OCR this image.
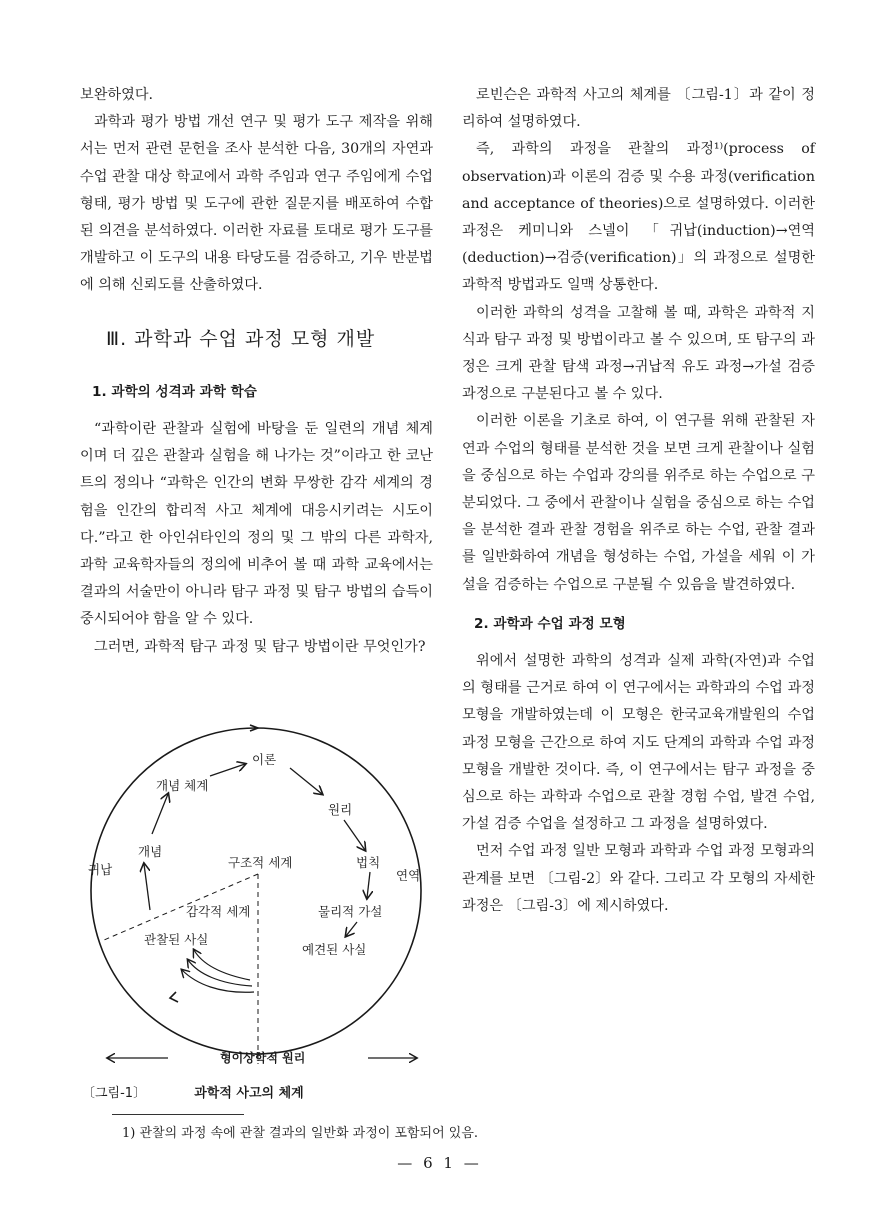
보완하였다.

과학과 평가 방법 개선 연구 및 평가 도구 제작을 위해서는 먼저 관련 문헌을 조사 분석한 다음, 30개의 자연과 수업 관찰 대상 학교에서 과학 주임과 연구 주임에게 수업 형태, 평가 방법 및 도구에 관한 질문지를 배포하여 수합된 의견을 분석하였다. 이러한 자료를 토대로 평가 도구를 개발하고 이 도구의 내용 타당도를 검증하고, 기우 반분법에 의해 신뢰도를 산출하였다.

Ⅲ. 과학과 수업 과정 모형 개발

1. 과학의 성격과 과학 학습

“과학이란 관찰과 실험에 바탕을 둔 일련의 개념 체계이며 더 깊은 관찰과 실험을 해 나가는 것”이라고 한 코난트의 정의나 “과학은 인간의 변화 무쌍한 감각 세계의 경험을 인간의 합리적 사고 체계에 대응시키려는 시도이다.”라고 한 아인쉬타인의 정의 및 그 밖의 다른 과학자, 과학 교육학자들의 정의에 비추어 볼 때 과학 교육에서는 결과의 서술만이 아니라 탐구 과정 및 탐구 방법의 습득이 중시되어야 함을 알 수 있다.

그러면, 과학적 탐구 과정 및 탐구 방법이란 무엇인가?

로빈슨은 과학적 사고의 체계를 〔그림-1〕과 같이 정리하여 설명하였다.

즉, 과학의 과정을 관찰의 과정¹⁾(process of observation)과 이론의 검증 및 수용 과정(verification and acceptance of theories)으로 설명하였다. 이러한 과정은 케미니와 스넬이 「귀납(induction)→연역 (deduction)→검증(verification)」의 과정으로 설명한 과학적 방법과도 일맥 상통한다.

이러한 과학의 성격을 고찰해 볼 때, 과학은 과학적 지식과 탐구 과정 및 방법이라고 볼 수 있으며, 또 탐구의 과정은 크게 관찰 탐색 과정→귀납적 유도 과정→가설 검증 과정으로 구분된다고 볼 수 있다.

이러한 이론을 기초로 하여, 이 연구를 위해 관찰된 자연과 수업의 형태를 분석한 것을 보면 크게 관찰이나 실험을 중심으로 하는 수업과 강의를 위주로 하는 수업으로 구분되었다. 그 중에서 관찰이나 실험을 중심으로 하는 수업을 분석한 결과 관찰 경험을 위주로 하는 수업, 관찰 결과를 일반화하여 개념을 형성하는 수업, 가설을 세워 이 가설을 검증하는 수업으로 구분될 수 있음을 발견하였다.

2. 과학과 수업 과정 모형

위에서 설명한 과학의 성격과 실제 과학(자연)과 수업의 형태를 근거로 하여 이 연구에서는 과학과의 수업 과정 모형을 개발하였는데 이 모형은 한국교육개발원의 수업 과정 모형을 근간으로 하여 지도 단계의 과학과 수업 과정 모형을 개발한 것이다. 즉, 이 연구에서는 탐구 과정을 중심으로 하는 과학과 수업으로 관찰 경험 수업, 발견 수업, 가설 검증 수업을 설정하고 그 과정을 설명하였다.

먼저 수업 과정 일반 모형과 과학과 수업 과정 모형과의 관계를 보면 〔그림-2〕와 같다. 그리고 각 모형의 자세한 과정은 〔그림-3〕에 제시하였다.

이론
개념 체계
원리
개념
구조적 세계	법칙
귀납	연역
감각적 세계	물리적 가설
관찰된 사실
예견된 사실
형이상학적 원리
〔그림-1〕	과학적 사고의 체계
1) 관찰의 과정 속에 관찰 결과의 일반화 과정이 포함되어 있음.
— 6 1 —
